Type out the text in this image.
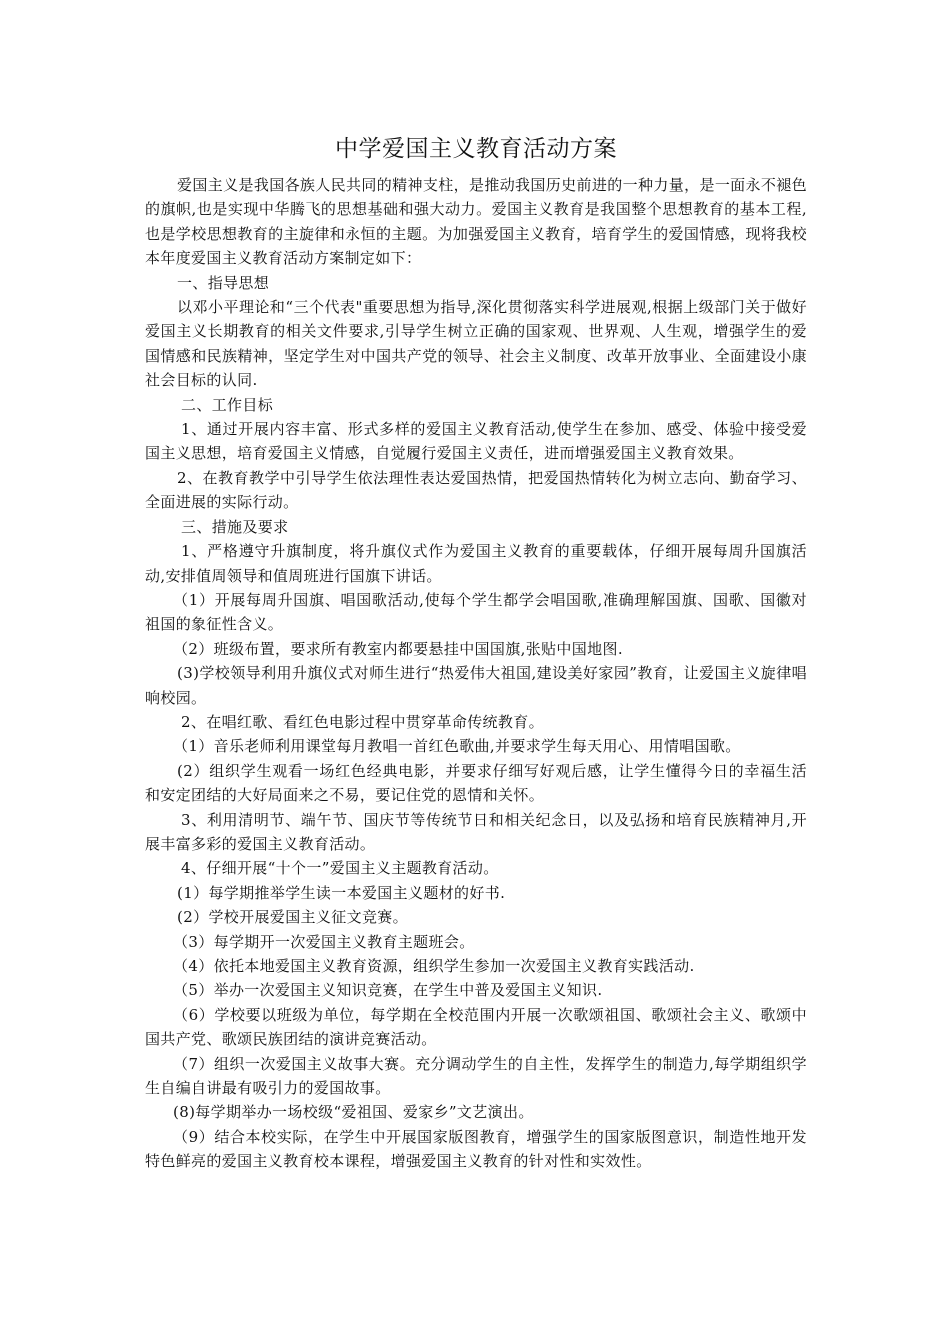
中学爱国主义教育活动方案

爱国主义是我国各族人民共同的精神支柱，是推动我国历史前进的一种力量，是一面永不褪色的旗帜,也是实现中华腾飞的思想基础和强大动力。爱国主义教育是我国整个思想教育的基本工程,也是学校思想教育的主旋律和永恒的主题。为加强爱国主义教育，培育学生的爱国情感，现将我校本年度爱国主义教育活动方案制定如下：

一、指导思想

以邓小平理论和“三个代表"重要思想为指导,深化贯彻落实科学进展观,根据上级部门关于做好爱国主义长期教育的相关文件要求,引导学生树立正确的国家观、世界观、人生观，增强学生的爱国情感和民族精神，坚定学生对中国共产党的领导、社会主义制度、改革开放事业、全面建设小康社会目标的认同.

二、工作目标

1、通过开展内容丰富、形式多样的爱国主义教育活动,使学生在参加、感受、体验中接受爱国主义思想，培育爱国主义情感，自觉履行爱国主义责任，进而增强爱国主义教育效果。

2、在教育教学中引导学生依法理性表达爱国热情，把爱国热情转化为树立志向、勤奋学习、全面进展的实际行动。

三、措施及要求

1、严格遵守升旗制度，将升旗仪式作为爱国主义教育的重要载体，仔细开展每周升国旗活动,安排值周领导和值周班进行国旗下讲话。

（1）开展每周升国旗、唱国歌活动,使每个学生都学会唱国歌,准确理解国旗、国歌、国徽对祖国的象征性含义。

（2）班级布置，要求所有教室内都要悬挂中国国旗,张贴中国地图.

(3)学校领导利用升旗仪式对师生进行“热爱伟大祖国,建设美好家园”教育，让爱国主义旋律唱响校园。

2、在唱红歌、看红色电影过程中贯穿革命传统教育。

（1）音乐老师利用课堂每月教唱一首红色歌曲,并要求学生每天用心、用情唱国歌。

(2）组织学生观看一场红色经典电影，并要求仔细写好观后感，让学生懂得今日的幸福生活和安定团结的大好局面来之不易，要记住党的恩情和关怀。

3、利用清明节、端午节、国庆节等传统节日和相关纪念日，以及弘扬和培育民族精神月,开展丰富多彩的爱国主义教育活动。

4、仔细开展“十个一”爱国主义主题教育活动。

(1）每学期推举学生读一本爱国主义题材的好书.

(2）学校开展爱国主义征文竞赛。

（3）每学期开一次爱国主义教育主题班会。

（4）依托本地爱国主义教育资源，组织学生参加一次爱国主义教育实践活动.

（5）举办一次爱国主义知识竞赛，在学生中普及爱国主义知识.

（6）学校要以班级为单位，每学期在全校范围内开展一次歌颂祖国、歌颂社会主义、歌颂中国共产党、歌颂民族团结的演讲竞赛活动。

（7）组织一次爱国主义故事大赛。充分调动学生的自主性，发挥学生的制造力,每学期组织学生自编自讲最有吸引力的爱国故事。

(8)每学期举办一场校级“爱祖国、爱家乡”文艺演出。

（9）结合本校实际，在学生中开展国家版图教育，增强学生的国家版图意识，制造性地开发特色鲜亮的爱国主义教育校本课程，增强爱国主义教育的针对性和实效性。
